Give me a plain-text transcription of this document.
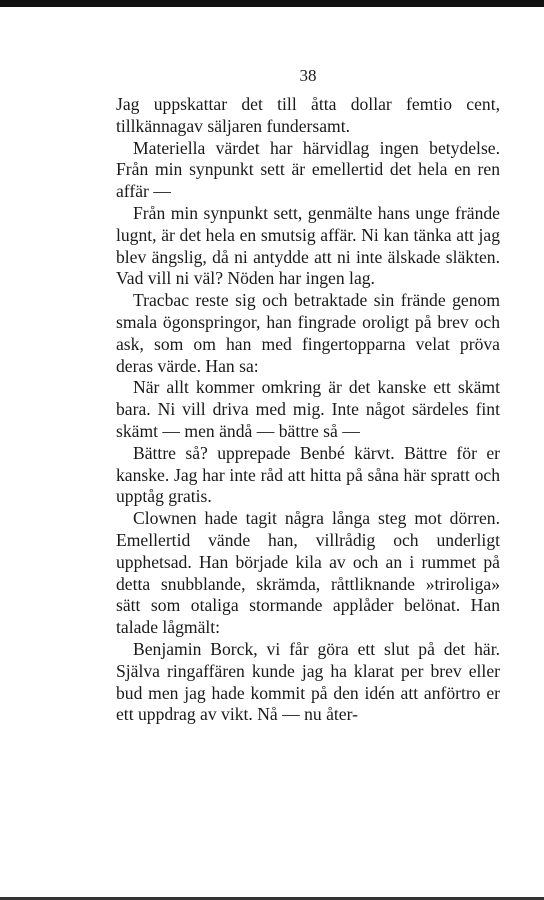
38

Jag uppskattar det till åtta dollar femtio cent, tillkännagav säljaren fundersamt.

Materiella värdet har härvidlag ingen betydelse. Från min synpunkt sett är emellertid det hela en ren affär —

Från min synpunkt sett, genmälte hans unge frände lugnt, är det hela en smutsig affär. Ni kan tänka att jag blev ängslig, då ni antydde att ni inte älskade släkten. Vad vill ni väl? Nöden har ingen lag.

Tracbac reste sig och betraktade sin frände genom smala ögonspringor, han fingrade oroligt på brev och ask, som om han med fingertopparna velat pröva deras värde. Han sa:

När allt kommer omkring är det kanske ett skämt bara. Ni vill driva med mig. Inte något särdeles fint skämt — men ändå — bättre så —

Bättre så? upprepade Benbé kärvt. Bättre för er kanske. Jag har inte råd att hitta på såna här spratt och upptåg gratis.

Clownen hade tagit några långa steg mot dörren. Emellertid vände han, villrådig och underligt upphetsad. Han började kila av och an i rummet på detta snubblande, skrämda, råttliknande »triroliga» sätt som otaliga stormande applåder belönat. Han talade lågmält:

Benjamin Borck, vi får göra ett slut på det här. Själva ringaffären kunde jag ha klarat per brev eller bud men jag hade kommit på den idén att anförtro er ett uppdrag av vikt. Nå — nu åter-
